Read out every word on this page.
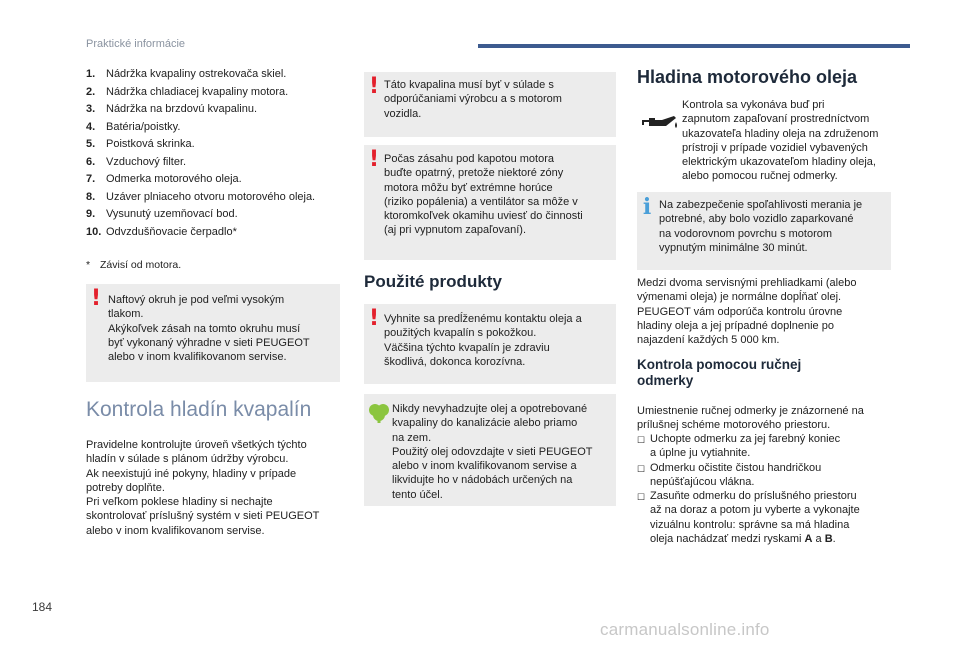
Praktické informácie
1. Nádržka kvapaliny ostrekovača skiel.
2. Nádržka chladiacej kvapaliny motora.
3. Nádržka na brzdovú kvapalinu.
4. Batéria/poistky.
5. Poistková skrinka.
6. Vzduchový filter.
7. Odmerka motorového oleja.
8. Uzáver plniaceho otvoru motorového oleja.
9. Vysunutý uzemňovací bod.
10. Odvzdušňovacie čerpadlo*
* Závisí od motora.
! Naftový okruh je pod veľmi vysokým
tlakom.
Akýkoľvek zásah na tomto okruhu musí
byť vykonaný výhradne v sieti PEUGEOT
alebo v inom kvalifikovanom servise.

Kontrola hladín kvapalín
Pravidelne kontrolujte úroveň všetkých týchto
hladín v súlade s plánom údržby výrobcu.
Ak neexistujú iné pokyny, hladiny v prípade
potreby doplňte.
Pri veľkom poklese hladiny si nechajte
skontrolovať príslušný systém v sieti PEUGEOT
alebo v inom kvalifikovanom servise.
! Táto kvapalina musí byť v súlade s
odporúčaniami výrobcu a s motorom
vozidla.

! Počas zásahu pod kapotou motora
buďte opatrný, pretože niektoré zóny
motora môžu byť extrémne horúce
(riziko popálenia) a ventilátor sa môže v
ktoromkoľvek okamihu uviesť do činnosti
(aj pri vypnutom zapaľovaní).

Použité produkty
! Vyhnite sa predĺženému kontaktu oleja a
použitých kvapalín s pokožkou.
Väčšina týchto kvapalín je zdraviu
škodlivá, dokonca korozívna.

Nikdy nevyhadzujte olej a opotrebované
kvapaliny do kanalizácie alebo priamo
na zem.
Použitý olej odovzdajte v sieti PEUGEOT
alebo v inom kvalifikovanom servise a
likvidujte ho v nádobách určených na
tento účel.

Hladina motorového oleja
Kontrola sa vykonáva buď pri
zapnutom zapaľovaní prostredníctvom
ukazovateľa hladiny oleja na združenom
prístroji v prípade vozidiel vybavených
elektrickým ukazovateľom hladiny oleja,
alebo pomocou ručnej odmerky.
i Na zabezpečenie spoľahlivosti merania je
potrebné, aby bolo vozidlo zaparkované
na vodorovnom povrchu s motorom
vypnutým minimálne 30 minút.

Medzi dvoma servisnými prehliadkami (alebo
výmenami oleja) je normálne dopĺňať olej.
PEUGEOT vám odporúča kontrolu úrovne
hladiny oleja a jej prípadné doplnenie po
najazdení každých 5 000 km.
Kontrola pomocou ručnej
odmerky
Umiestnenie ručnej odmerky je znázornené na
prílušnej schéme motorového priestoru.
☐ Uchopte odmerku za jej farebný koniec
a úplne ju vytiahnite.
☐ Odmerku očistite čistou handričkou
nepúšťajúcou vlákna.
☐ Zasuňte odmerku do príslušného priestoru
až na doraz a potom ju vyberte a vykonajte
vizuálnu kontrolu: správne sa má hladina
oleja nachádzať medzi ryskami A a B.
184
carmanualsonline.info
